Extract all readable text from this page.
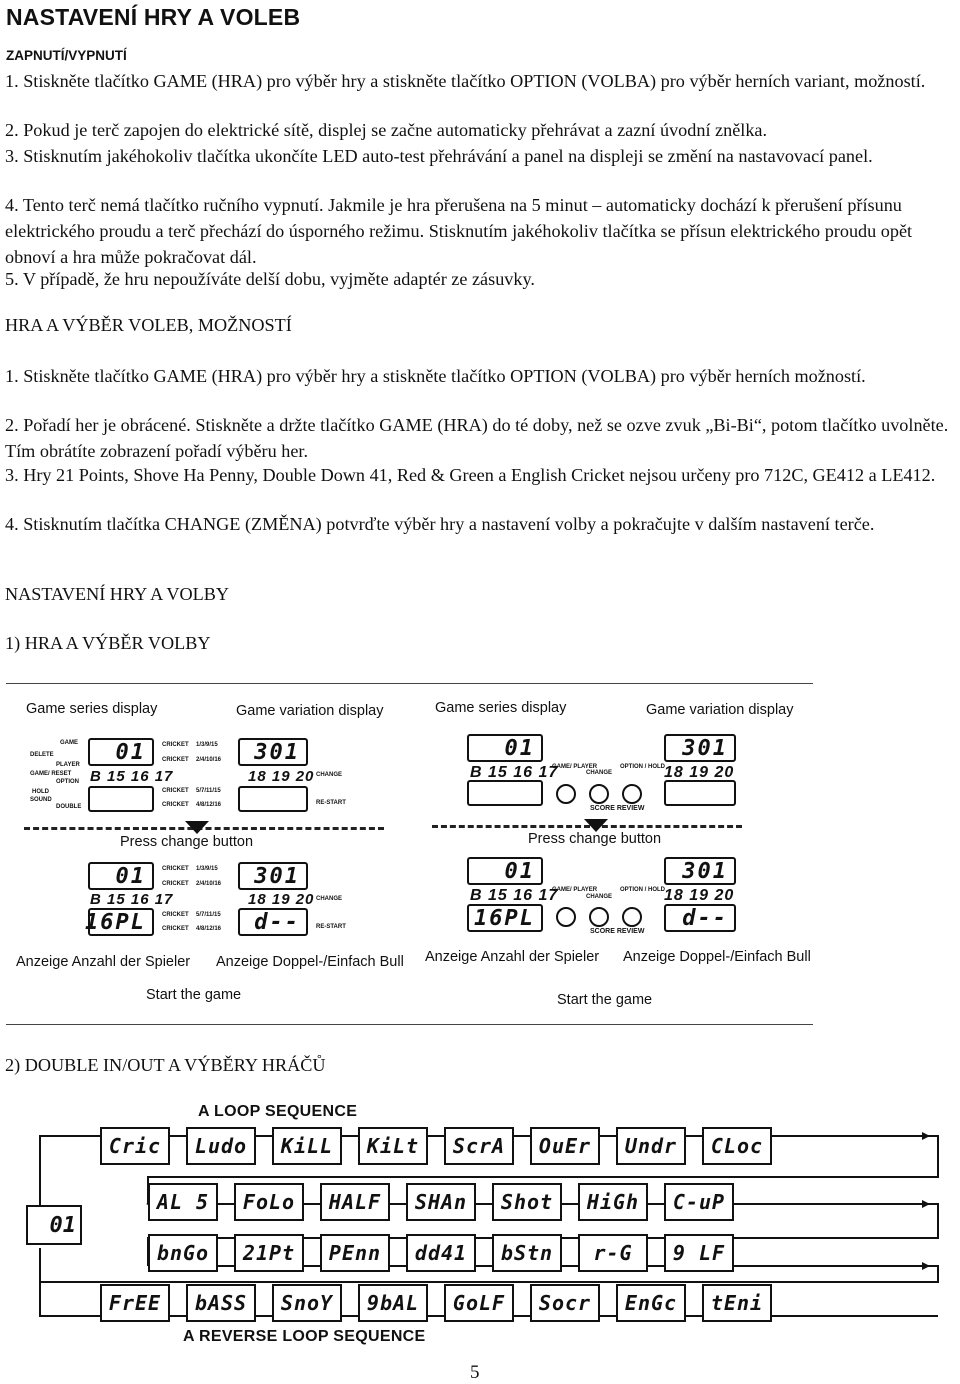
NASTAVENÍ HRY A VOLEB
ZAPNUTÍ/VYPNUTÍ
1. Stiskněte tlačítko GAME (HRA) pro výběr hry a stiskněte tlačítko OPTION (VOLBA) pro výběr herních variant, možností.
2. Pokud je terč zapojen do elektrické sítě, displej se začne automaticky přehrávat a zazní úvodní znělka.
3. Stisknutím jakéhokoliv tlačítka ukončíte LED auto-test přehrávání a panel na displeji se změní na nastavovací panel.
4. Tento terč nemá tlačítko ručního vypnutí. Jakmile je hra přerušena na 5 minut – automaticky dochází k přerušení přísunu elektrického proudu a terč přechází do úsporného režimu. Stisknutím jakéhokoliv tlačítka se přísun elektrického proudu opět obnoví a hra může pokračovat dál.
5. V případě, že hru nepoužíváte delší dobu, vyjměte adaptér ze zásuvky.
HRA A VÝBĚR VOLEB, MOŽNOSTÍ
1. Stiskněte tlačítko GAME (HRA) pro výběr hry a stiskněte tlačítko OPTION (VOLBA) pro výběr herních možností.
2. Pořadí her je obrácené. Stiskněte a držte tlačítko GAME (HRA) do té doby, než se ozve zvuk „Bi-Bi“, potom tlačítko uvolněte. Tím obrátíte zobrazení pořadí výběru her.
3. Hry 21 Points, Shove Ha Penny, Double Down 41, Red & Green a English Cricket nejsou určeny pro 712C, GE412 a LE412.
4. Stisknutím tlačítka CHANGE (ZMĚNA) potvrďte výběr hry a nastavení volby a pokračujte v dalším nastavení terče.
NASTAVENÍ HRY A VOLBY
1) HRA A VÝBĚR VOLBY
Game series display	Game variation display	Game series display	Game variation display
GAME
DELETE
PLAYER
GAME/ RESET
OPTION
HOLD
SOUND
DOUBLE
01
B 15 16 17
CRICKET 1/3/9/15
CRICKET 2/4/10/16
CRICKET 5/7/11/15
CRICKET 4/8/12/16
301
18 19 20 CHANGE
RE-START
01
B 15 16 17
GAME/ PLAYER
CHANGE
OPTION / HOLD
SCORE REVIEW
301
18 19 20
Press change button	Press change button
01
B 15 16 17
16PL
CRICKET 1/3/9/15
CRICKET 2/4/10/16
CRICKET 5/7/11/15
CRICKET 4/8/12/16
301
18 19 20
d--
CHANGE
RE-START
01
B 15 16 17
16PL
GAME/ PLAYER
CHANGE
OPTION / HOLD
SCORE REVIEW
301
18 19 20
d--
Anzeige Anzahl der Spieler Anzeige Doppel-/Einfach Bull Anzeige Anzahl der Spieler Anzeige Doppel-/Einfach Bull
Start the game	Start the game
2) DOUBLE IN/OUT A VÝBĚRY HRÁČŮ
A LOOP SEQUENCE
01
Cric	Ludo	KiLL	KiLt	ScrA	OuEr	Undr	CLoc
AL 5	FoLo	HALF	SHAn	Shot	HiGh	C-uP
bnGo	21Pt	PEnn	dd41	bStn	r-G	9 LF
FrEE	bASS	SnoY	9bAL	GoLF	Socr	EnGc	tEni
A REVERSE LOOP SEQUENCE
5
